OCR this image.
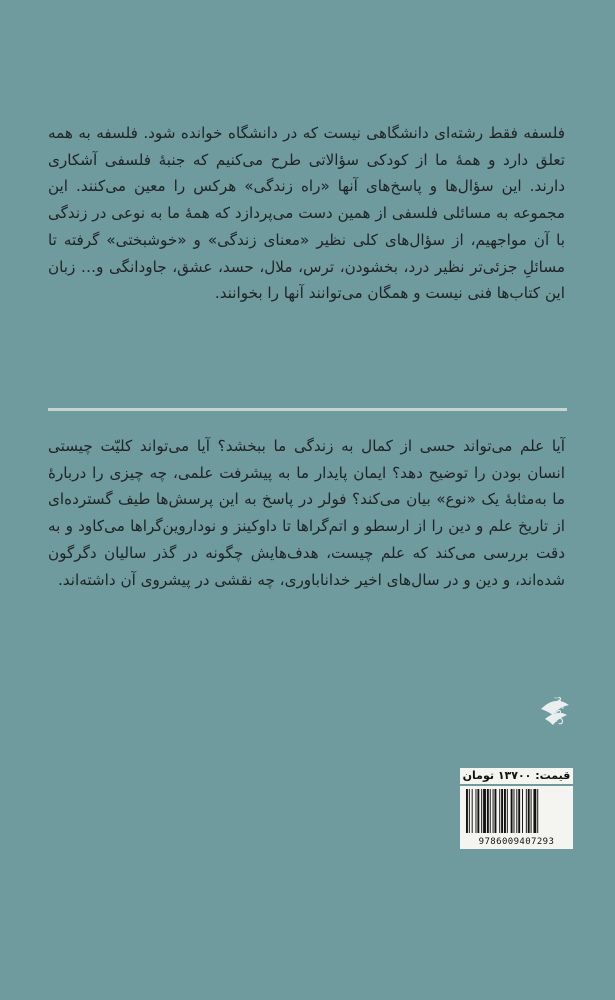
فلسفه فقط رشته‌ای دانشگاهی نیست که در دانشگاه خوانده شود. فلسفه به همه تعلق دارد و همهٔ ما از کودکی سؤالاتی طرح می‌کنیم که جنبهٔ فلسفی آشکاری دارند. این سؤال‌ها و پاسخ‌های آنها «راه زندگی» هرکس را معین می‌کنند. این مجموعه به مسائلی فلسفی از همین دست می‌پردازد که همهٔ ما به نوعی در زندگی با آن مواجهیم، از سؤال‌های کلی نظیر «معنای زندگی» و «خوشبختی» گرفته تا مسائلِ جزئی‌تر نظیر درد، بخشودن، ترس، ملال، حسد، عشق، جاودانگی و… زبان این کتاب‌ها فنی نیست و همگان می‌توانند آنها را بخوانند.
آیا علم می‌تواند حسی از کمال به زندگی ما ببخشد؟ آیا می‌تواند کلیّت چیستی انسان بودن را توضیح دهد؟ ایمان پایدار ما به پیشرفت علمی، چه چیزی را دربارهٔ ما به‌مثابهٔ یک «نوع» بیان می‌کند؟ فولر در پاسخ به این پرسش‌ها طیف گسترده‌ای از تاریخ علم و دین را از ارسطو و اتم‌گراها تا داوکینز و نوداروین‌گراها می‌کاود و به دقت بررسی می‌کند که علم چیست، هدف‌هایش چگونه در گذر سالیان دگرگون شده‌اند، و دین و در سال‌های اخیر خداناباوری، چه نقشی در پیشروی آن داشته‌اند.
نشرگان
قیمت: ۱۳۷۰۰ تومان
9786009407293
